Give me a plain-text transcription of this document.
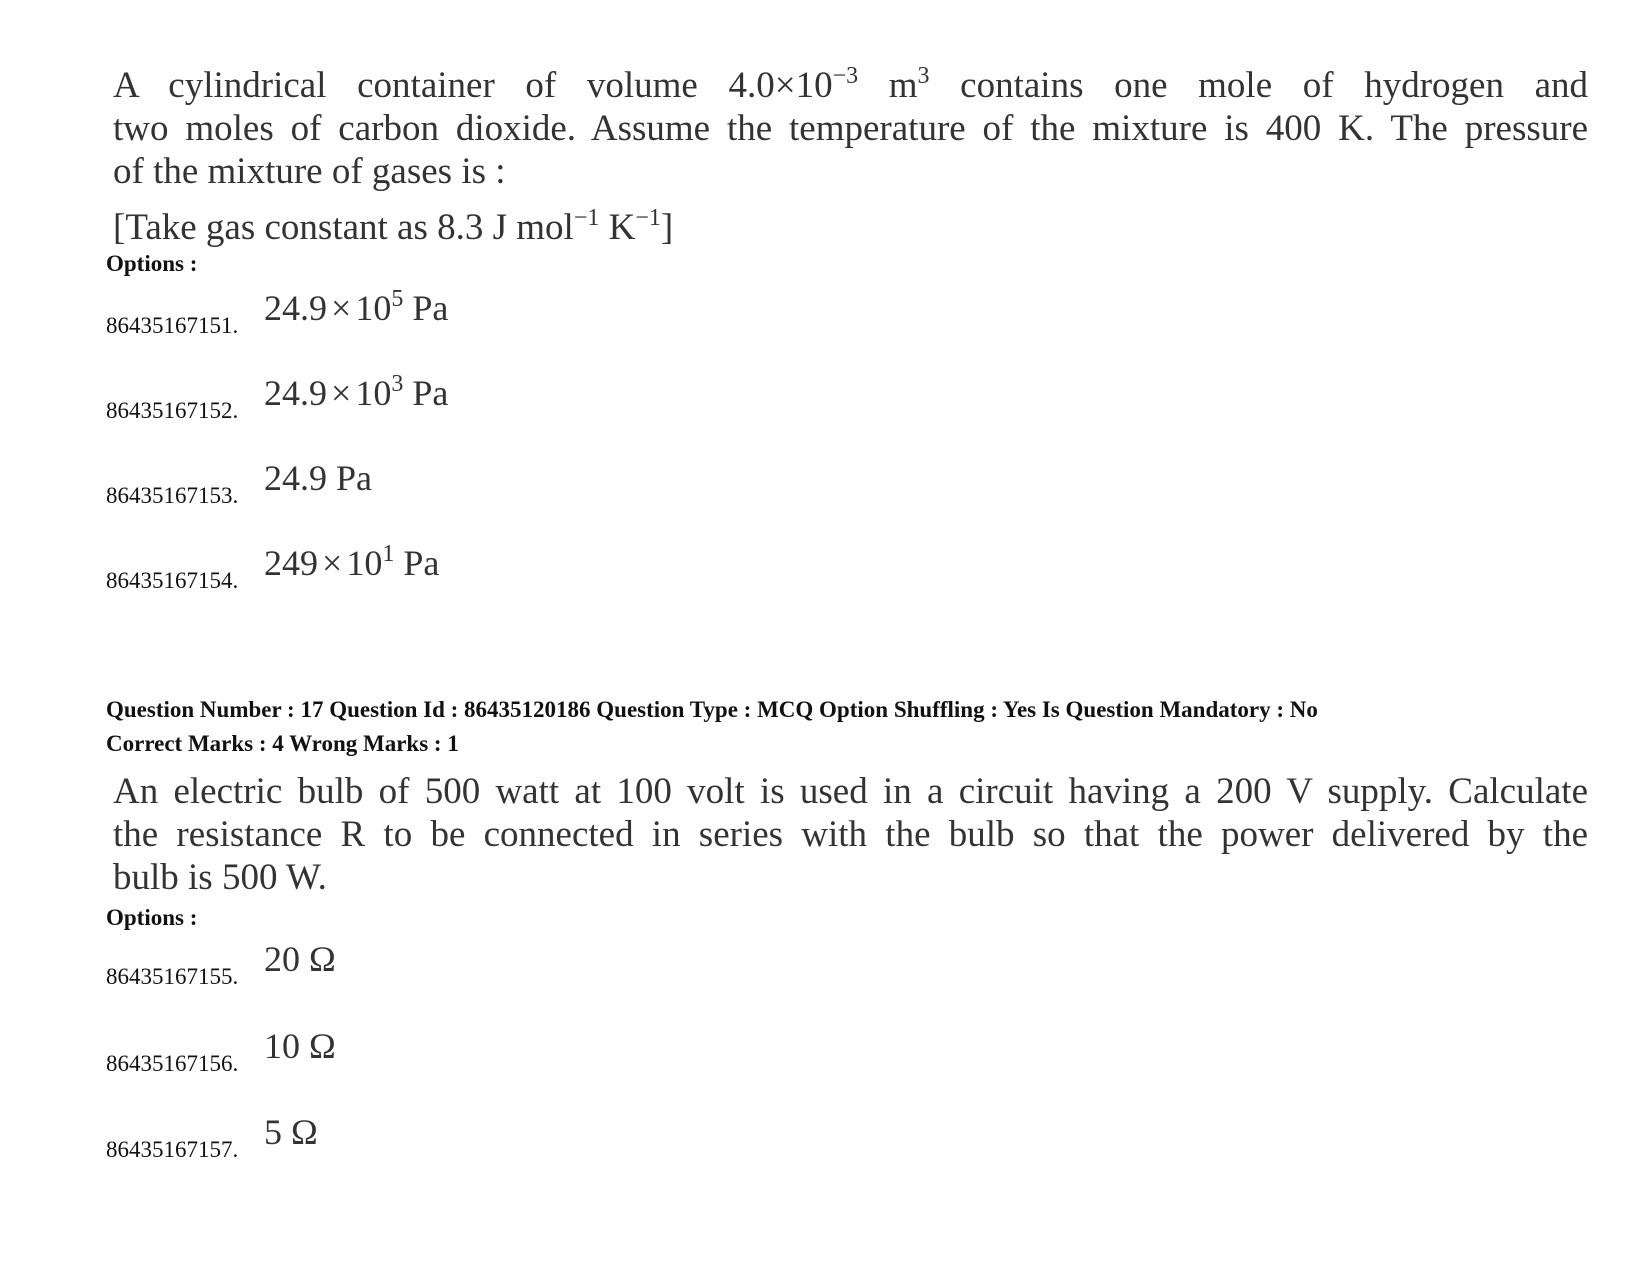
A cylindrical container of volume $4.0\times 10^{-3}$ $m^3$ contains one mole of hydrogen and
two moles of carbon dioxide. Assume the temperature of the mixture is 400 K. The pressure
of the mixture of gases is :
[Take gas constant as 8.3 J mol$^{-1}$ $K^{-1}$]
Options :
86435167151. $24.9 \times 10^5$ Pa
86435167152. $24.9 \times 10^3$ Pa
86435167153. 24.9 Pa
86435167154. $249 \times 10^1$ Pa
Question Number : 17 Question Id : 86435120186 Question Type : MCQ Option Shuffling : Yes Is Question Mandatory : No
Correct Marks : 4 Wrong Marks : 1
An electric bulb of 500 watt at 100 volt is used in a circuit having a 200 V supply. Calculate
the resistance R to be connected in series with the bulb so that the power delivered by the
bulb is 500 W.
Options :
86435167155. 20 Ω
86435167156. 10 Ω
86435167157. 5 Ω
